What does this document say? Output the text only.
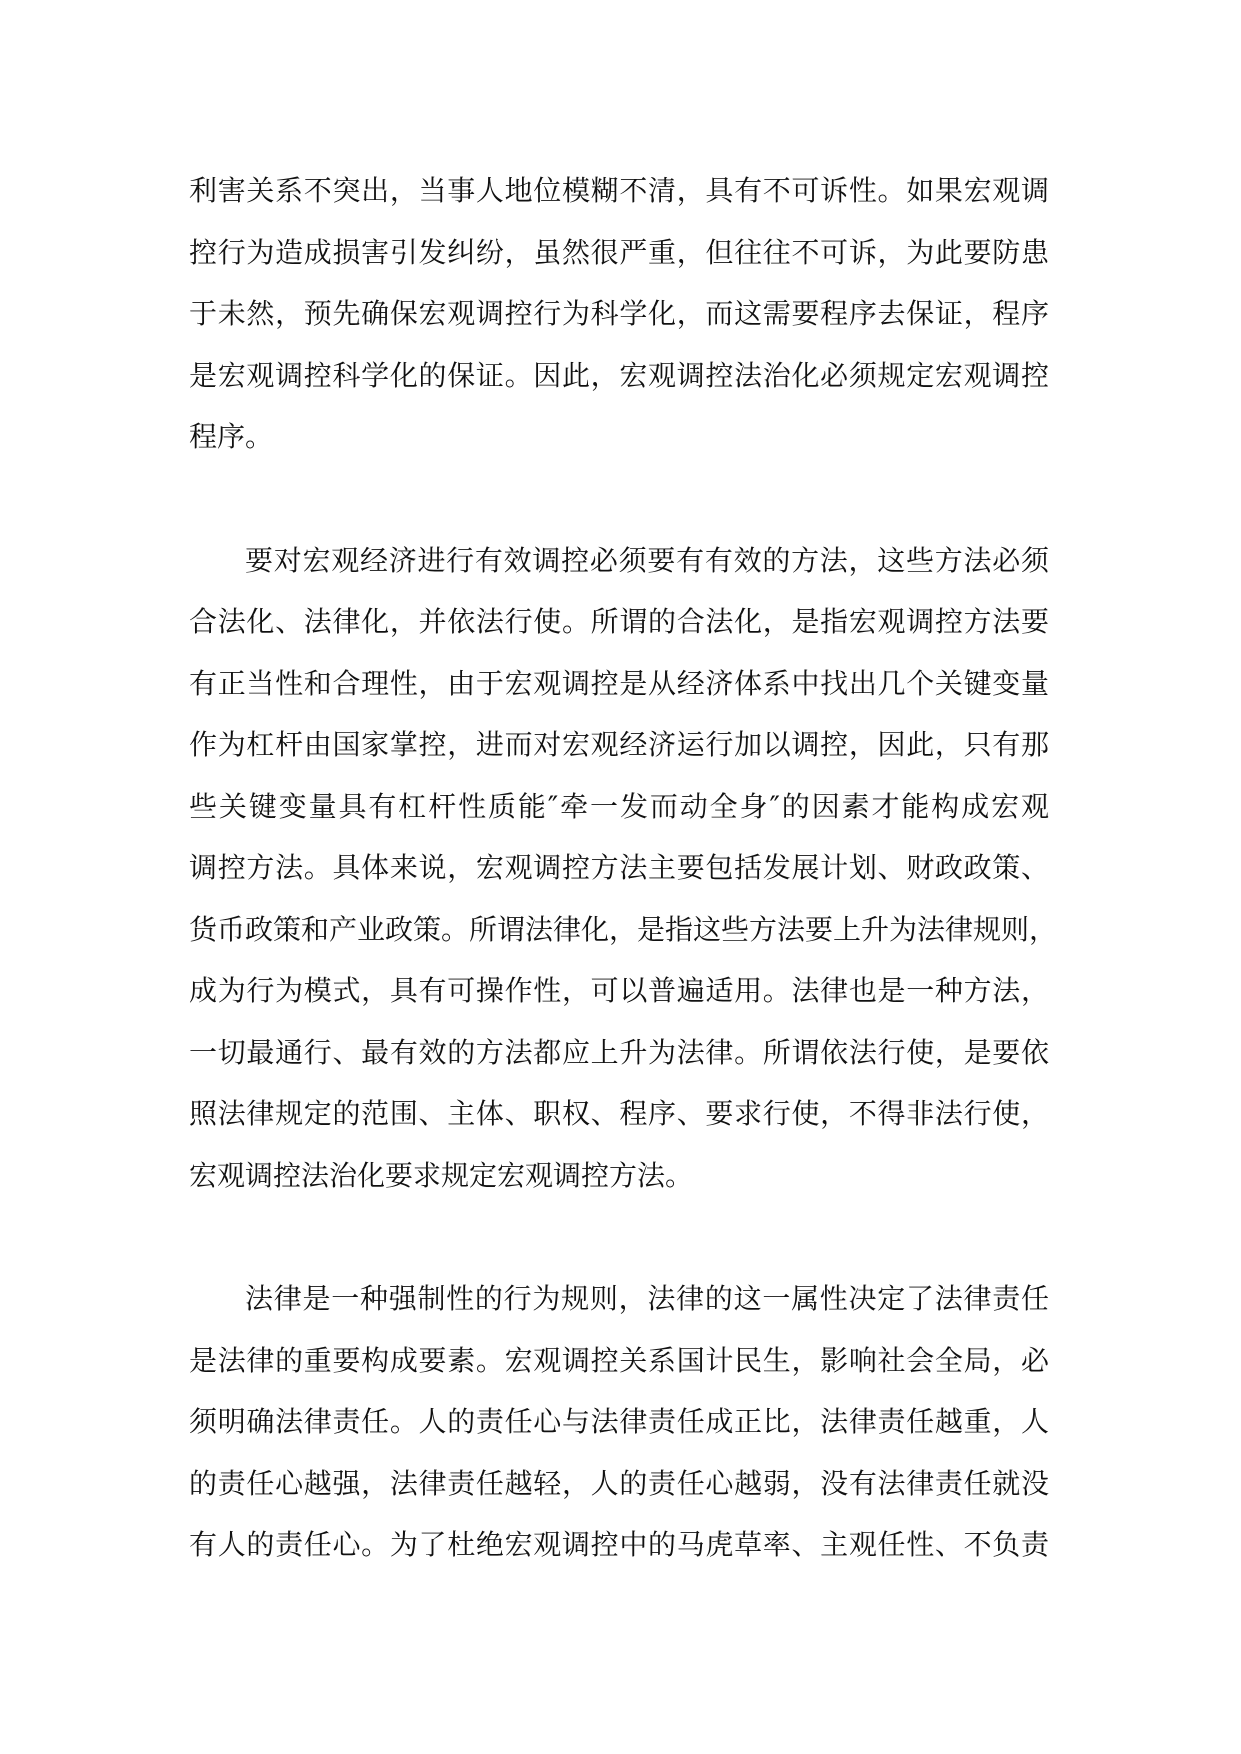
利害关系不突出，当事人地位模糊不清，具有不可诉性。如果宏观调
控行为造成损害引发纠纷，虽然很严重，但往往不可诉，为此要防患
于未然，预先确保宏观调控行为科学化，而这需要程序去保证，程序
是宏观调控科学化的保证。因此，宏观调控法治化必须规定宏观调控
程序。
要对宏观经济进行有效调控必须要有有效的方法，这些方法必须
合法化、法律化，并依法行使。所谓的合法化，是指宏观调控方法要
有正当性和合理性，由于宏观调控是从经济体系中找出几个关键变量
作为杠杆由国家掌控，进而对宏观经济运行加以调控，因此，只有那
些关键变量具有杠杆性质能″牵一发而动全身″的因素才能构成宏观
调控方法。具体来说，宏观调控方法主要包括发展计划、财政政策、
货币政策和产业政策。所谓法律化，是指这些方法要上升为法律规则，
成为行为模式，具有可操作性，可以普遍适用。法律也是一种方法，
一切最通行、最有效的方法都应上升为法律。所谓依法行使，是要依
照法律规定的范围、主体、职权、程序、要求行使，不得非法行使，
宏观调控法治化要求规定宏观调控方法。
法律是一种强制性的行为规则，法律的这一属性决定了法律责任
是法律的重要构成要素。宏观调控关系国计民生，影响社会全局，必
须明确法律责任。人的责任心与法律责任成正比，法律责任越重，人
的责任心越强，法律责任越轻，人的责任心越弱，没有法律责任就没
有人的责任心。为了杜绝宏观调控中的马虎草率、主观任性、不负责
